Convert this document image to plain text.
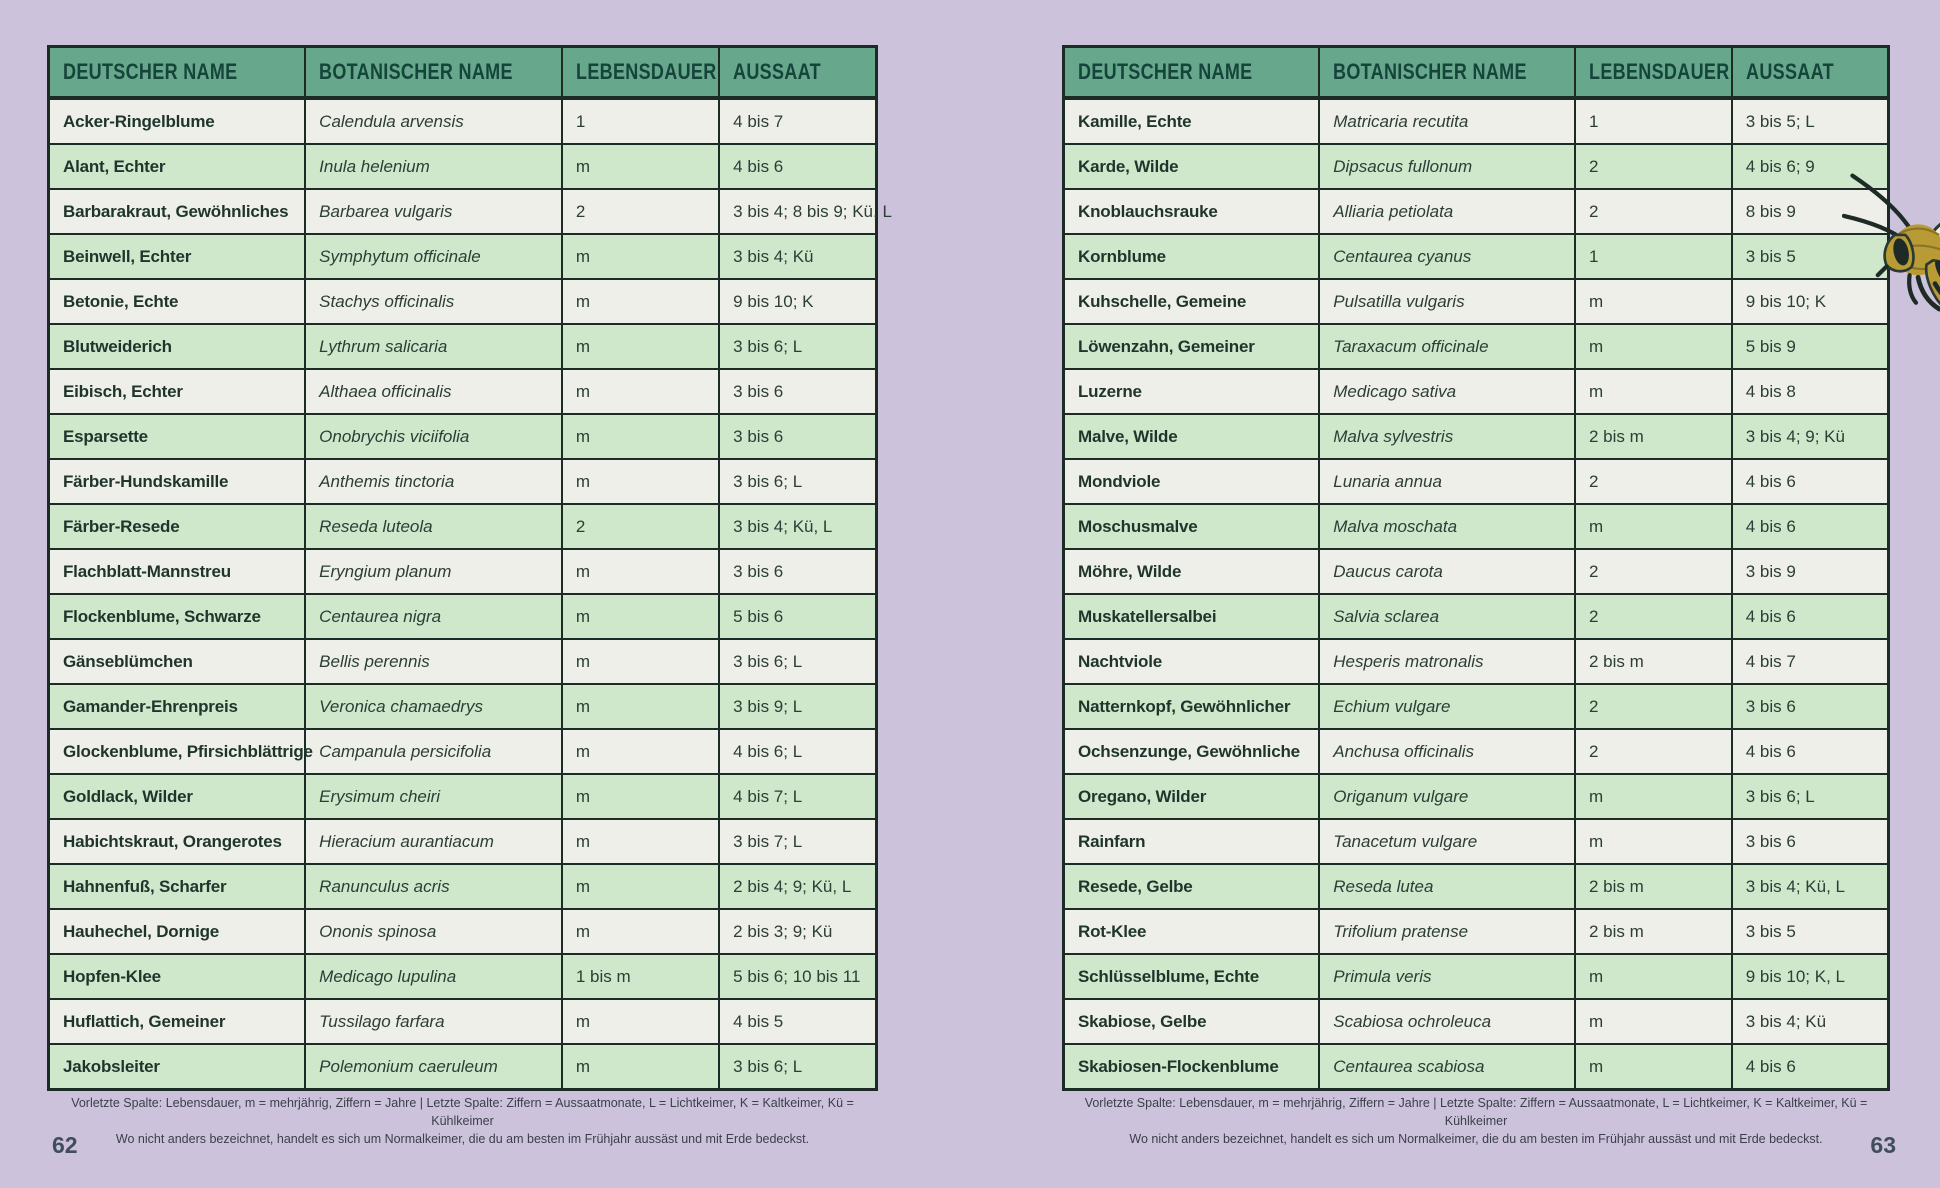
DEUTSCHER NAME	BOTANISCHER NAME	LEBENSDAUER	AUSSAAT
Acker-Ringelblume	Calendula arvensis	1	4 bis 7
Alant, Echter	Inula helenium	m	4 bis 6
Barbarakraut, Gewöhnliches	Barbarea vulgaris	2	3 bis 4; 8 bis 9; Kü, L
Beinwell, Echter	Symphytum officinale	m	3 bis 4; Kü
Betonie, Echte	Stachys officinalis	m	9 bis 10; K
Blutweiderich	Lythrum salicaria	m	3 bis 6; L
Eibisch, Echter	Althaea officinalis	m	3 bis 6
Esparsette	Onobrychis viciifolia	m	3 bis 6
Färber-Hundskamille	Anthemis tinctoria	m	3 bis 6; L
Färber-Resede	Reseda luteola	2	3 bis 4; Kü, L
Flachblatt-Mannstreu	Eryngium planum	m	3 bis 6
Flockenblume, Schwarze	Centaurea nigra	m	5 bis 6
Gänseblümchen	Bellis perennis	m	3 bis 6; L
Gamander-Ehrenpreis	Veronica chamaedrys	m	3 bis 9; L
Glockenblume, Pfirsichblättrige	Campanula persicifolia	m	4 bis 6; L
Goldlack, Wilder	Erysimum cheiri	m	4 bis 7; L
Habichtskraut, Orangerotes	Hieracium aurantiacum	m	3 bis 7; L
Hahnenfuß, Scharfer	Ranunculus acris	m	2 bis 4; 9; Kü, L
Hauhechel, Dornige	Ononis spinosa	m	2 bis 3; 9; Kü
Hopfen-Klee	Medicago lupulina	1 bis m	5 bis 6; 10 bis 11
Huflattich, Gemeiner	Tussilago farfara	m	4 bis 5
Jakobsleiter	Polemonium caeruleum	m	3 bis 6; L
DEUTSCHER NAME	BOTANISCHER NAME	LEBENSDAUER	AUSSAAT
Kamille, Echte	Matricaria recutita	1	3 bis 5; L
Karde, Wilde	Dipsacus fullonum	2	4 bis 6; 9
Knoblauchsrauke	Alliaria petiolata	2	8 bis 9
Kornblume	Centaurea cyanus	1	3 bis 5
Kuhschelle, Gemeine	Pulsatilla vulgaris	m	9 bis 10; K
Löwenzahn, Gemeiner	Taraxacum officinale	m	5 bis 9
Luzerne	Medicago sativa	m	4 bis 8
Malve, Wilde	Malva sylvestris	2 bis m	3 bis 4; 9; Kü
Mondviole	Lunaria annua	2	4 bis 6
Moschusmalve	Malva moschata	m	4 bis 6
Möhre, Wilde	Daucus carota	2	3 bis 9
Muskatellersalbei	Salvia sclarea	2	4 bis 6
Nachtviole	Hesperis matronalis	2 bis m	4 bis 7
Natternkopf, Gewöhnlicher	Echium vulgare	2	3 bis 6
Ochsenzunge, Gewöhnliche	Anchusa officinalis	2	4 bis 6
Oregano, Wilder	Origanum vulgare	m	3 bis 6; L
Rainfarn	Tanacetum vulgare	m	3 bis 6
Resede, Gelbe	Reseda lutea	2 bis m	3 bis 4; Kü, L
Rot-Klee	Trifolium pratense	2 bis m	3 bis 5
Schlüsselblume, Echte	Primula veris	m	9 bis 10; K, L
Skabiose, Gelbe	Scabiosa ochroleuca	m	3 bis 4; Kü
Skabiosen-Flockenblume	Centaurea scabiosa	m	4 bis 6
Vorletzte Spalte: Lebensdauer, m = mehrjährig, Ziffern = Jahre | Letzte Spalte: Ziffern = Aussaatmonate, L = Lichtkeimer, K = Kaltkeimer, Kü = Kühlkeimer
Wo nicht anders bezeichnet, handelt es sich um Normalkeimer, die du am besten im Frühjahr aussäst und mit Erde bedeckst.
Vorletzte Spalte: Lebensdauer, m = mehrjährig, Ziffern = Jahre | Letzte Spalte: Ziffern = Aussaatmonate, L = Lichtkeimer, K = Kaltkeimer, Kü = Kühlkeimer
Wo nicht anders bezeichnet, handelt es sich um Normalkeimer, die du am besten im Frühjahr aussäst und mit Erde bedeckst.
62	63
